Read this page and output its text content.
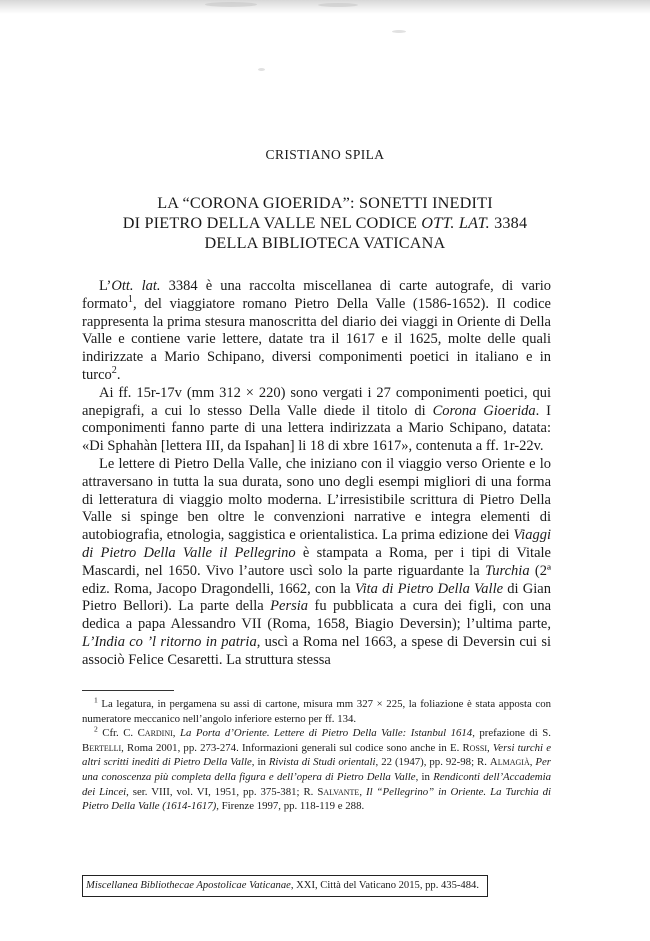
CRISTIANO SPILA
LA “CORONA GIOERIDA”: SONETTI INEDITI
DI PIETRO DELLA VALLE NEL CODICE OTT. LAT. 3384
DELLA BIBLIOTECA VATICANA

L’Ott. lat. 3384 è una raccolta miscellanea di carte autografe, di vario formato$^1$, del viaggiatore romano Pietro Della Valle (1586-1652). Il codice rappresenta la prima stesura manoscritta del diario dei viaggi in Oriente di Della Valle e contiene varie lettere, datate tra il 1617 e il 1625, molte delle quali indirizzate a Mario Schipano, diversi componimenti poetici in italiano e in turco$^2$.

Ai ff. 15r-17v (mm 312 × 220) sono vergati i 27 componimenti poetici, qui anepigrafi, a cui lo stesso Della Valle diede il titolo di Corona Gioerida. I componimenti fanno parte di una lettera indirizzata a Mario Schipano, datata: «Di Sphahàn [lettera III, da Ispahan] li 18 di xbre 1617», contenuta a ff. 1r-22v.

Le lettere di Pietro Della Valle, che iniziano con il viaggio verso Oriente e lo attraversano in tutta la sua durata, sono uno degli esempi migliori di una forma di letteratura di viaggio molto moderna. L’irresistibile scrittura di Pietro Della Valle si spinge ben oltre le convenzioni narrative e integra elementi di autobiografia, etnologia, saggistica e orientalistica. La prima edizione dei Viaggi di Pietro Della Valle il Pellegrino è stampata a Roma, per i tipi di Vitale Mascardi, nel 1650. Vivo l’autore uscì solo la parte riguardante la Turchia (2ª ediz. Roma, Jacopo Dragondelli, 1662, con la Vita di Pietro Della Valle di Gian Pietro Bellori). La parte della Persia fu pubblicata a cura dei figli, con una dedica a papa Alessandro VII (Roma, 1658, Biagio Deversin); l’ultima parte, L’India co ’l ritorno in patria, uscì a Roma nel 1663, a spese di Deversin cui si associò Felice Cesaretti. La struttura stessa

$^1$ La legatura, in pergamena su assi di cartone, misura mm 327 × 225, la foliazione è stata apposta con numeratore meccanico nell’angolo inferiore esterno per ff. 134.

$^2$ Cfr. C. Cardini, La Porta d’Oriente. Lettere di Pietro Della Valle: Istanbul 1614, prefazione di S. Bertelli, Roma 2001, pp. 273-274. Informazioni generali sul codice sono anche in E. Rossi, Versi turchi e altri scritti inediti di Pietro Della Valle, in Rivista di Studi orientali, 22 (1947), pp. 92-98; R. Almagià, Per una conoscenza più completa della figura e dell’opera di Pietro Della Valle, in Rendiconti dell’Accademia dei Lincei, ser. VIII, vol. VI, 1951, pp. 375-381; R. Salvante, Il “Pellegrino” in Oriente. La Turchia di Pietro Della Valle (1614-1617), Firenze 1997, pp. 118-119 e 288.

Miscellanea Bibliothecae Apostolicae Vaticanae, XXI, Città del Vaticano 2015, pp. 435-484.
